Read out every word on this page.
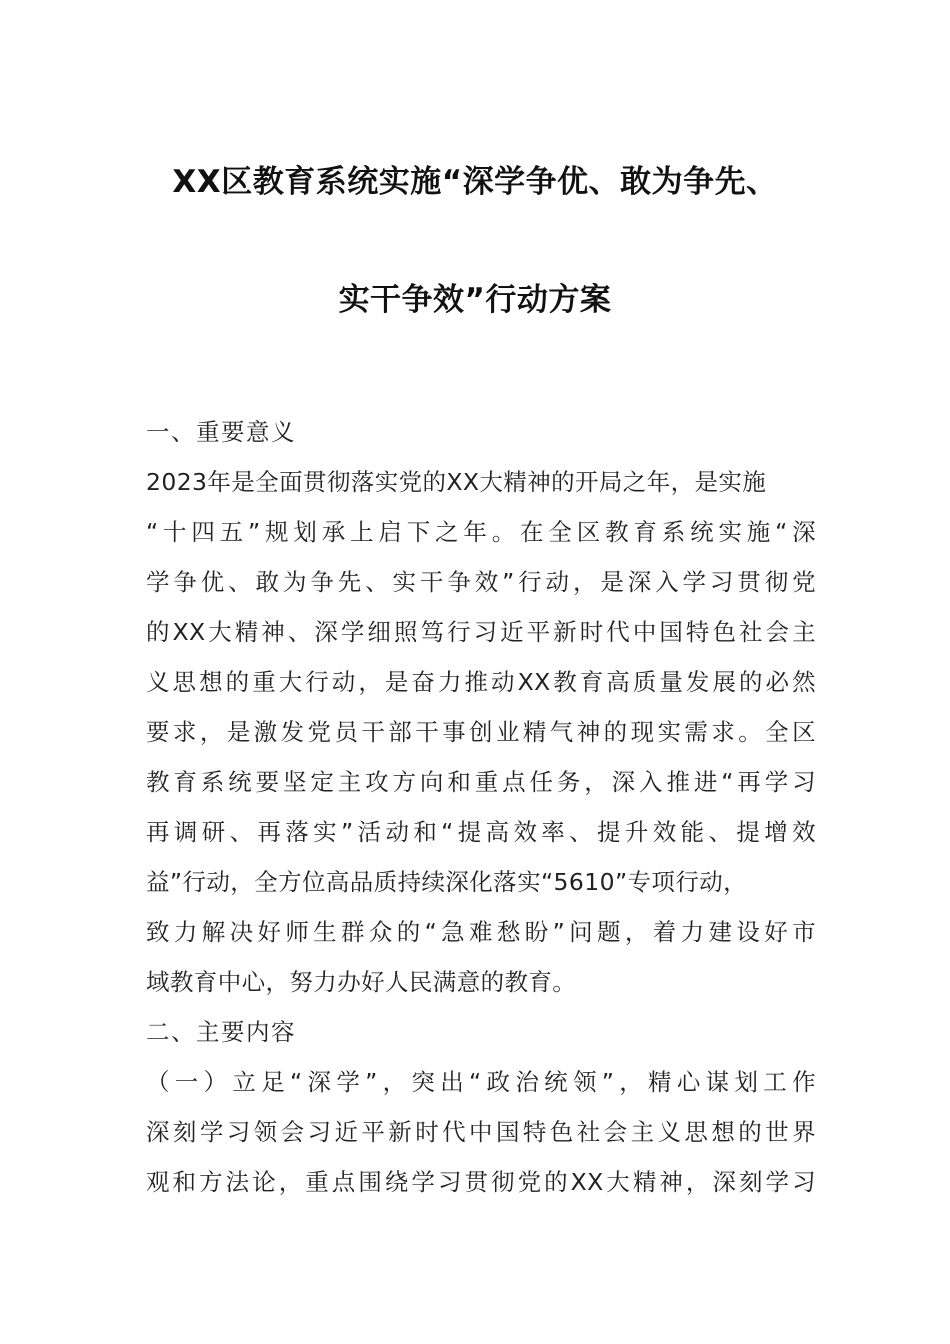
XX区教育系统实施“深学争优、敢为争先、
实干争效”行动方案
一、重要意义
2023年是全面贯彻落实党的XX大精神的开局之年，是实施
“十四五”规划承上启下之年。在全区教育系统实施“深
学争优、敢为争先、实干争效”行动，是深入学习贯彻党
的XX大精神、深学细照笃行习近平新时代中国特色社会主
义思想的重大行动，是奋力推动XX教育高质量发展的必然
要求，是激发党员干部干事创业精气神的现实需求。全区
教育系统要坚定主攻方向和重点任务，深入推进“再学习
再调研、再落实”活动和“提高效率、提升效能、提增效
益”行动，全方位高品质持续深化落实“5610”专项行动，
致力解决好师生群众的“急难愁盼”问题，着力建设好市
域教育中心，努力办好人民满意的教育。
二、主要内容
（一）立足“深学”，突出“政治统领”，精心谋划工作
深刻学习领会习近平新时代中国特色社会主义思想的世界
观和方法论，重点围绕学习贯彻党的XX大精神，深刻学习
